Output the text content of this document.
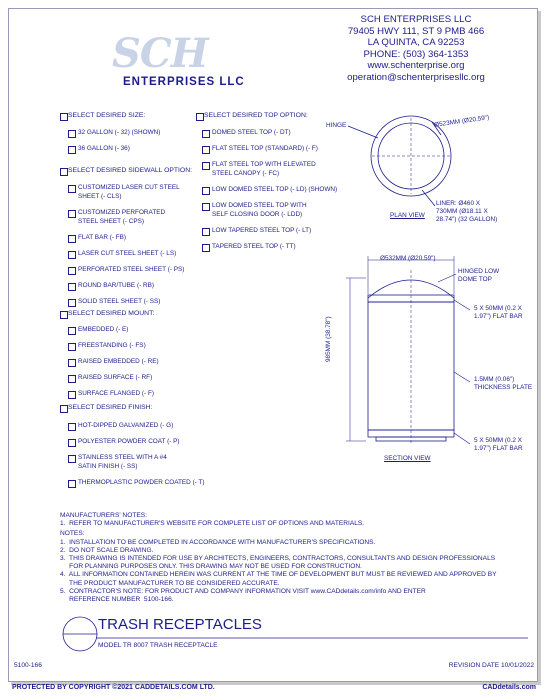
SCH
ENTERPRISES LLC
SCH ENTERPRISES LLC
79405 HWY 111, ST 9 PMB 466
LA QUINTA, CA 92253
PHONE: (503) 364-1353
www.schenterprise.org
operation@schenterprisesllc.org
HINGE	Ø523MM (Ø20.59")
LINER: Ø460 X
730MM (Ø18.11 X
28.74") (32 GALLON)
PLAN VIEW
Ø532MM (Ø20.59")
985MM (38.78")
HINGED LOW
DOME TOP
5 X 50MM (0.2 X
1.97") FLAT BAR
1.5MM (0.06")
THICKNESS PLATE
5 X 50MM (0.2 X
1.97") FLAT BAR
SECTION VIEW
MANUFACTURERS' NOTES:
1.  REFER TO MANUFACTURER'S WEBSITE FOR COMPLETE LIST OF OPTIONS AND MATERIALS.
NOTES:
1.  INSTALLATION TO BE COMPLETED IN ACCORDANCE WITH MANUFACTURER'S SPECIFICATIONS.
2.  DO NOT SCALE DRAWING.
3.  THIS DRAWING IS INTENDED FOR USE BY ARCHITECTS, ENGINEERS, CONTRACTORS, CONSULTANTS AND DESIGN PROFESSIONALS
FOR PLANNING PURPOSES ONLY. THIS DRAWING MAY NOT BE USED FOR CONSTRUCTION.
4.  ALL INFORMATION CONTAINED HEREIN WAS CURRENT AT THE TIME OF DEVELOPMENT BUT MUST BE REVIEWED AND APPROVED BY
THE PRODUCT MANUFACTURER TO BE CONSIDERED ACCURATE.
5.  CONTRACTOR'S NOTE: FOR PRODUCT AND COMPANY INFORMATION VISIT www.CADdetails.com/info AND ENTER
REFERENCE NUMBER  5100-166.
TRASH RECEPTACLES
MODEL TR 8007 TRASH RECEPTACLE
5100-166	REVISION DATE 10/01/2022
PROTECTED BY COPYRIGHT ©2021 CADDETAILS.COM LTD.	CADdetails.com
SELECT DESIRED SIZE:
32 GALLON (- 32) (SHOWN)
36 GALLON (- 36)
SELECT DESIRED SIDEWALL OPTION:
CUSTOMIZED LASER CUT STEEL
SHEET (- CLS)
CUSTOMIZED PERFORATED
STEEL SHEET (- CPS)
FLAT BAR (- FB)
LASER CUT STEEL SHEET (- LS)
PERFORATED STEEL SHEET (- PS)
ROUND BAR/TUBE (- RB)
SOLID STEEL SHEET (- SS)
SELECT DESIRED MOUNT:
EMBEDDED (- E)
FREESTANDING (- FS)
RAISED EMBEDDED (- RE)
RAISED SURFACE (- RF)
SURFACE FLANGED (- F)
SELECT DESIRED FINISH:
HOT-DIPPED GALVANIZED (- G)
POLYESTER POWDER COAT (- P)
STAINLESS STEEL WITH A #4
SATIN FINISH (- SS)
THERMOPLASTIC POWDER COATED (- T)
SELECT DESIRED TOP OPTION:
DOMED STEEL TOP (- DT)
FLAT STEEL TOP (STANDARD) (- F)
FLAT STEEL TOP WITH ELEVATED
STEEL CANOPY (- FC)
LOW DOMED STEEL TOP (- LD) (SHOWN)
LOW DOMED STEEL TOP WITH
SELF CLOSING DOOR (- LDD)
LOW TAPERED STEEL TOP (- LT)
TAPERED STEEL TOP (- TT)
